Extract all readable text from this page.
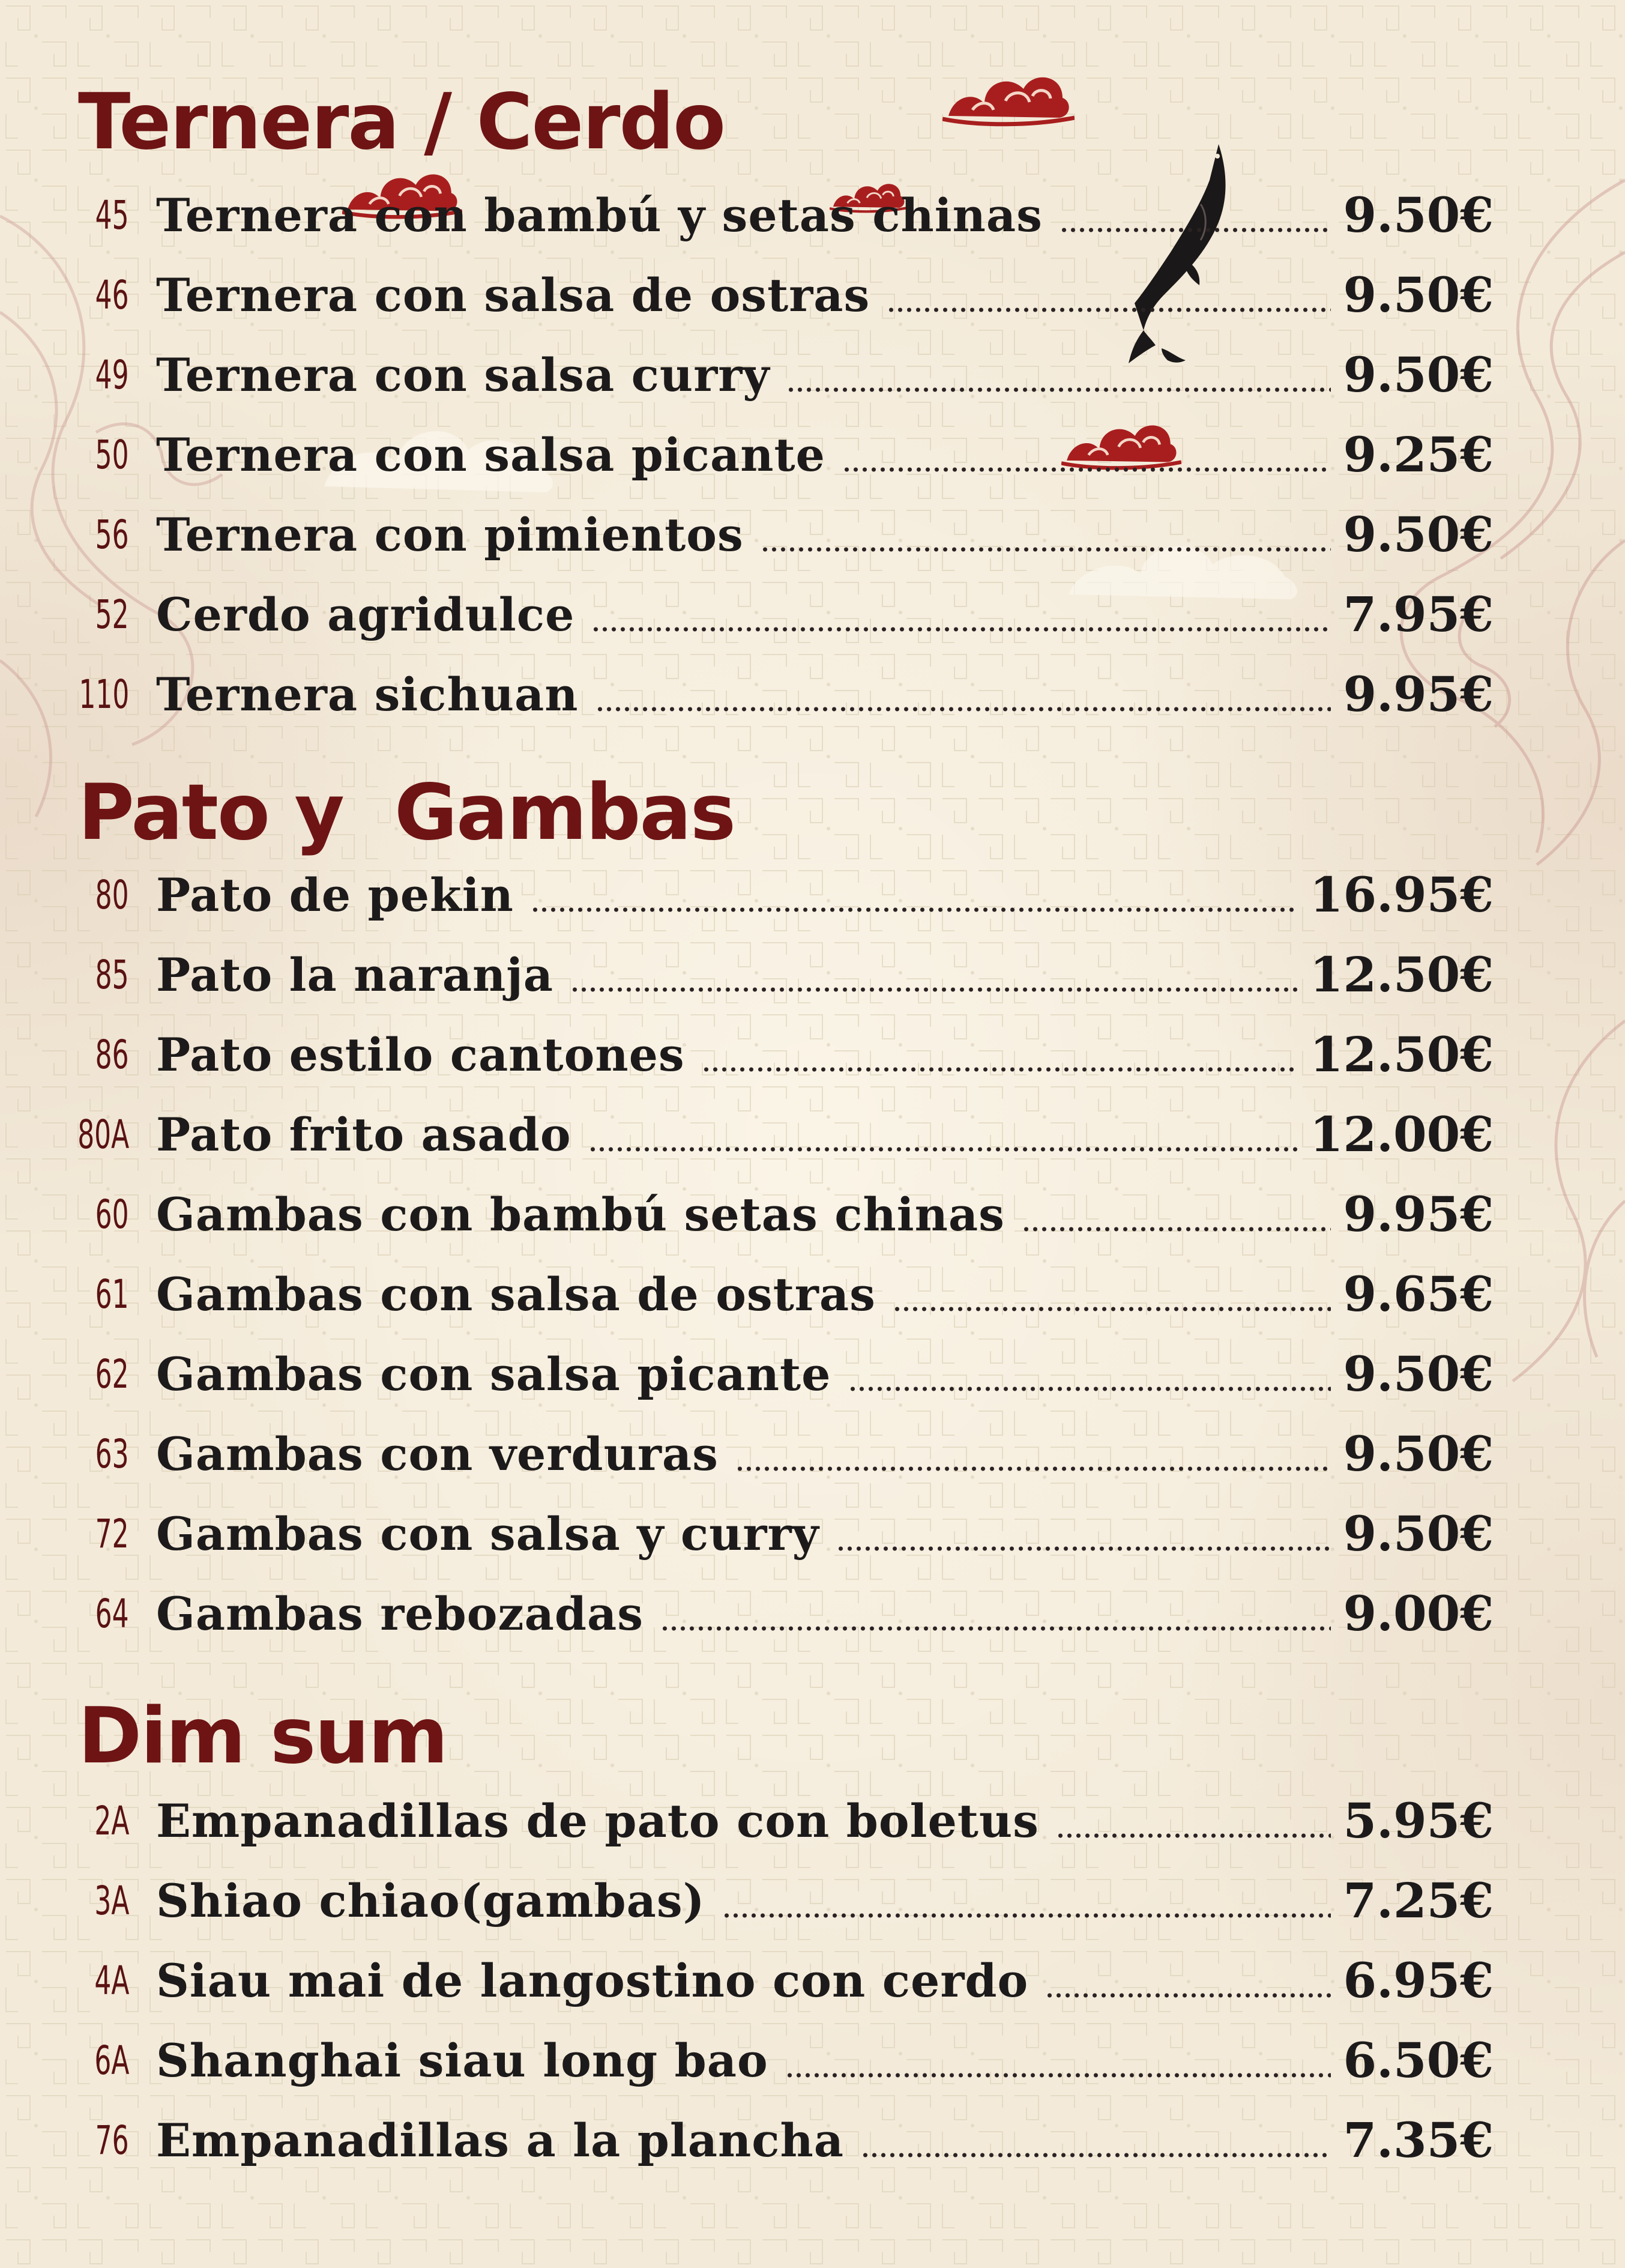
Ternera / Cerdo
45 Ternera con bambú y setas chinas	9.50€
46 Ternera con salsa de ostras	9.50€
49 Ternera con salsa curry	9.50€
50 Ternera con salsa picante	9.25€
56 Ternera con pimientos	9.50€
52 Cerdo agridulce	7.95€
110 Ternera sichuan	9.95€
Pato y  Gambas
80 Pato de pekin	16.95€
85 Pato la naranja	12.50€
86 Pato estilo cantones	12.50€
80A Pato frito asado	12.00€
60 Gambas con bambú setas chinas	9.95€
61 Gambas con salsa de ostras	9.65€
62 Gambas con salsa picante	9.50€
63 Gambas con verduras	9.50€
72 Gambas con salsa y curry	9.50€
64 Gambas rebozadas	9.00€
Dim sum
2A Empanadillas de pato con boletus	5.95€
3A Shiao chiao(gambas)	7.25€
4A Siau mai de langostino con cerdo	6.95€
6A Shanghai siau long bao	6.50€
76 Empanadillas a la plancha	7.35€
